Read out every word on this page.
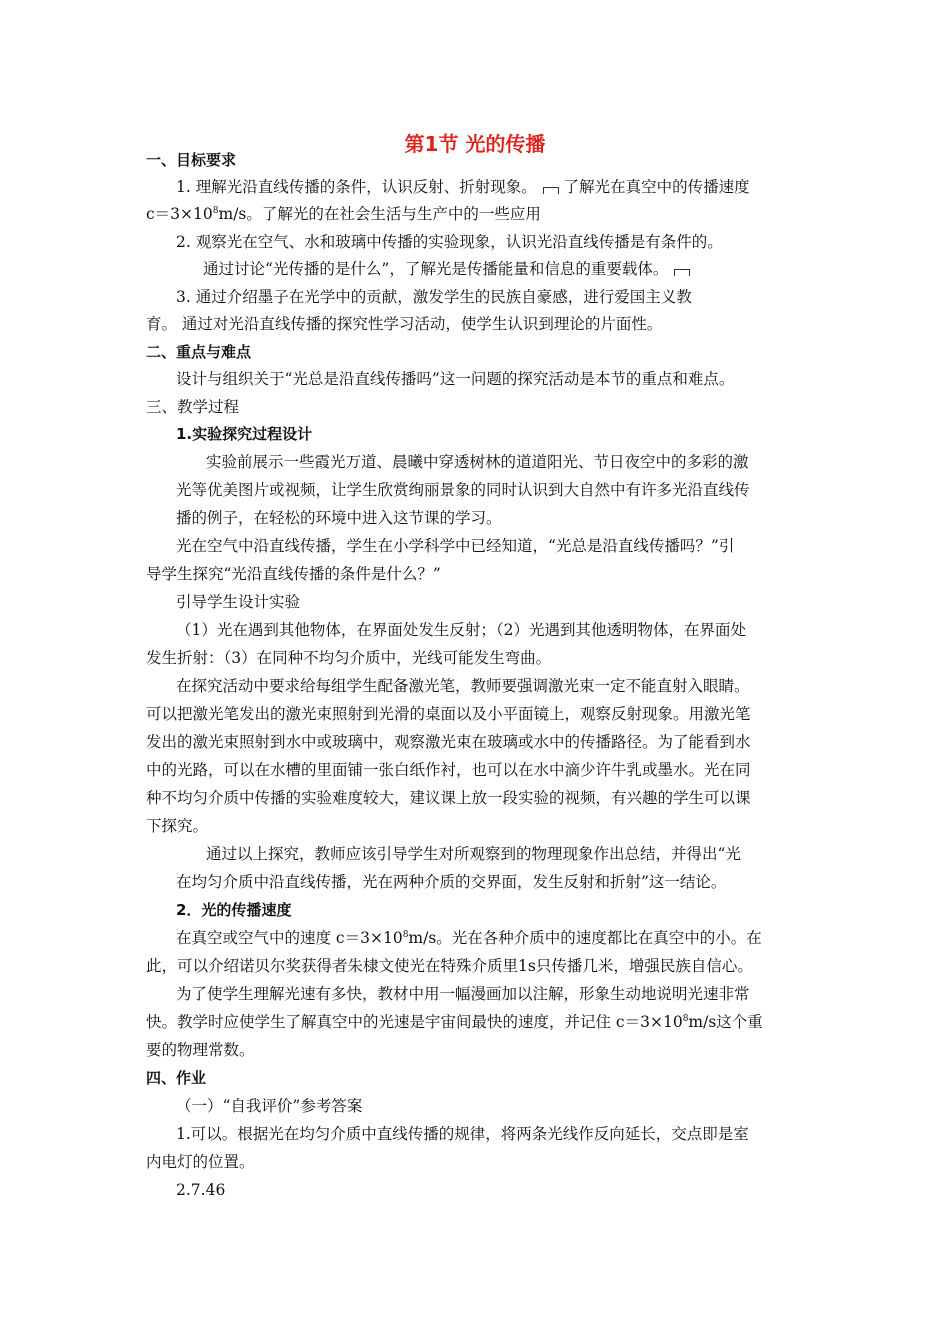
第1节 光的传播
一、目标要求
1. 理解光沿直线传播的条件，认识反射、折射现象。 了解光在真空中的传播速度
$c=3\times 10^8m/s$。了解光的在社会生活与生产中的一些应用
2. 观察光在空气、水和玻璃中传播的实验现象，认识光沿直线传播是有条件的。
通过讨论“光传播的是什么”，了解光是传播能量和信息的重要载体。
3. 通过介绍墨子在光学中的贡献，激发学生的民族自豪感，进行爱国主义教
育。 通过对光沿直线传播的探究性学习活动，使学生认识到理论的片面性。
二、重点与难点
设计与组织关于“光总是沿直线传播吗”这一问题的探究活动是本节的重点和难点。
三、教学过程
1.实验探究过程设计
实验前展示一些霞光万道、晨曦中穿透树林的道道阳光、节日夜空中的多彩的激
光等优美图片或视频，让学生欣赏绚丽景象的同时认识到大自然中有许多光沿直线传
播的例子，在轻松的环境中进入这节课的学习。
光在空气中沿直线传播，学生在小学科学中已经知道，“光总是沿直线传播吗？”引
导学生探究“光沿直线传播的条件是什么？”
引导学生设计实验
（1）光在遇到其他物体，在界面处发生反射；（2）光遇到其他透明物体，在界面处
发生折射：（3）在同种不均匀介质中，光线可能发生弯曲。
在探究活动中要求给每组学生配备激光笔，教师要强调激光束一定不能直射入眼睛。
可以把激光笔发出的激光束照射到光滑的桌面以及小平面镜上，观察反射现象。用激光笔
发出的激光束照射到水中或玻璃中，观察激光束在玻璃或水中的传播路径。为了能看到水
中的光路，可以在水槽的里面铺一张白纸作衬，也可以在水中滴少许牛乳或墨水。光在同
种不均匀介质中传播的实验难度较大，建议课上放一段实验的视频，有兴趣的学生可以课
下探究。
通过以上探究，教师应该引导学生对所观察到的物理现象作出总结，并得出“光
在均匀介质中沿直线传播，光在两种介质的交界面，发生反射和折射”这一结论。
2．光的传播速度
在真空或空气中的速度 $c=3\times 10^8m/s$。光在各种介质中的速度都比在真空中的小。在
此，可以介绍诺贝尔奖获得者朱棣文使光在特殊介质里1s只传播几米，增强民族自信心。
为了使学生理解光速有多快，教材中用一幅漫画加以注解，形象生动地说明光速非常
快。教学时应使学生了解真空中的光速是宇宙间最快的速度，并记住 $c=3\times 10^8m/s$这个重
要的物理常数。
四、作业
（一）“自我评价”参考答案
1.可以。根据光在均匀介质中直线传播的规律，将两条光线作反向延长，交点即是室
内电灯的位置。
2.7.46
